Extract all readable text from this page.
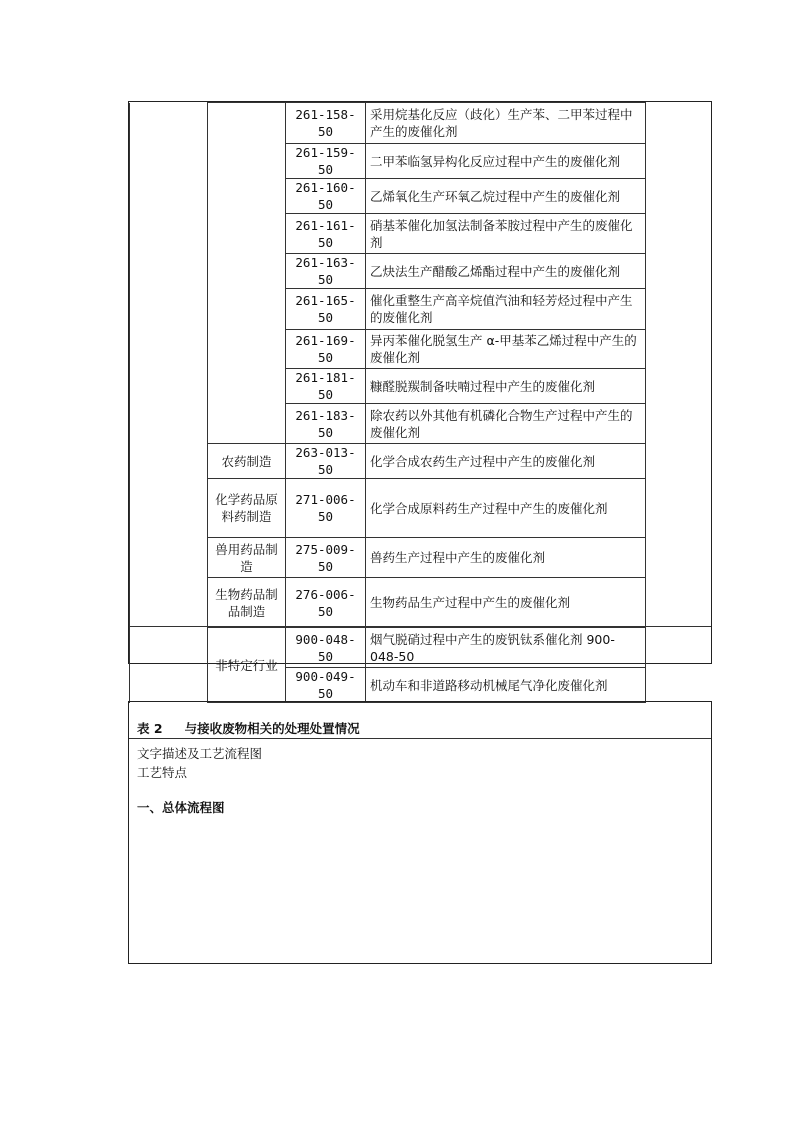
		261-158-50	采用烷基化反应（歧化）生产苯、二甲苯过程中产生的废催化剂
		261-159-50	二甲苯临氢异构化反应过程中产生的废催化剂
		261-160-50	乙烯氧化生产环氧乙烷过程中产生的废催化剂
		261-161-50	硝基苯催化加氢法制备苯胺过程中产生的废催化剂
		261-163-50	乙炔法生产醋酸乙烯酯过程中产生的废催化剂
		261-165-50	催化重整生产高辛烷值汽油和轻芳烃过程中产生的废催化剂
		261-169-50	异丙苯催化脱氢生产 α-甲基苯乙烯过程中产生的废催化剂
		261-181-50	糠醛脱羰制备呋喃过程中产生的废催化剂
		261-183-50	除农药以外其他有机磷化合物生产过程中产生的废催化剂
	农药制造	263-013-50	化学合成农药生产过程中产生的废催化剂
	化学药品原料药制造	271-006-50	化学合成原料药生产过程中产生的废催化剂
	兽用药品制造	275-009-50	兽药生产过程中产生的废催化剂
	生物药品制品制造	276-006-50	生物药品生产过程中产生的废催化剂
	非特定行业	900-048-50	烟气脱硝过程中产生的废钒钛系催化剂 900-048-50
		900-049-50	机动车和非道路移动机械尾气净化废催化剂
表 2 与接收废物相关的处理处置情况
文字描述及工艺流程图
工艺特点
一、总体流程图
